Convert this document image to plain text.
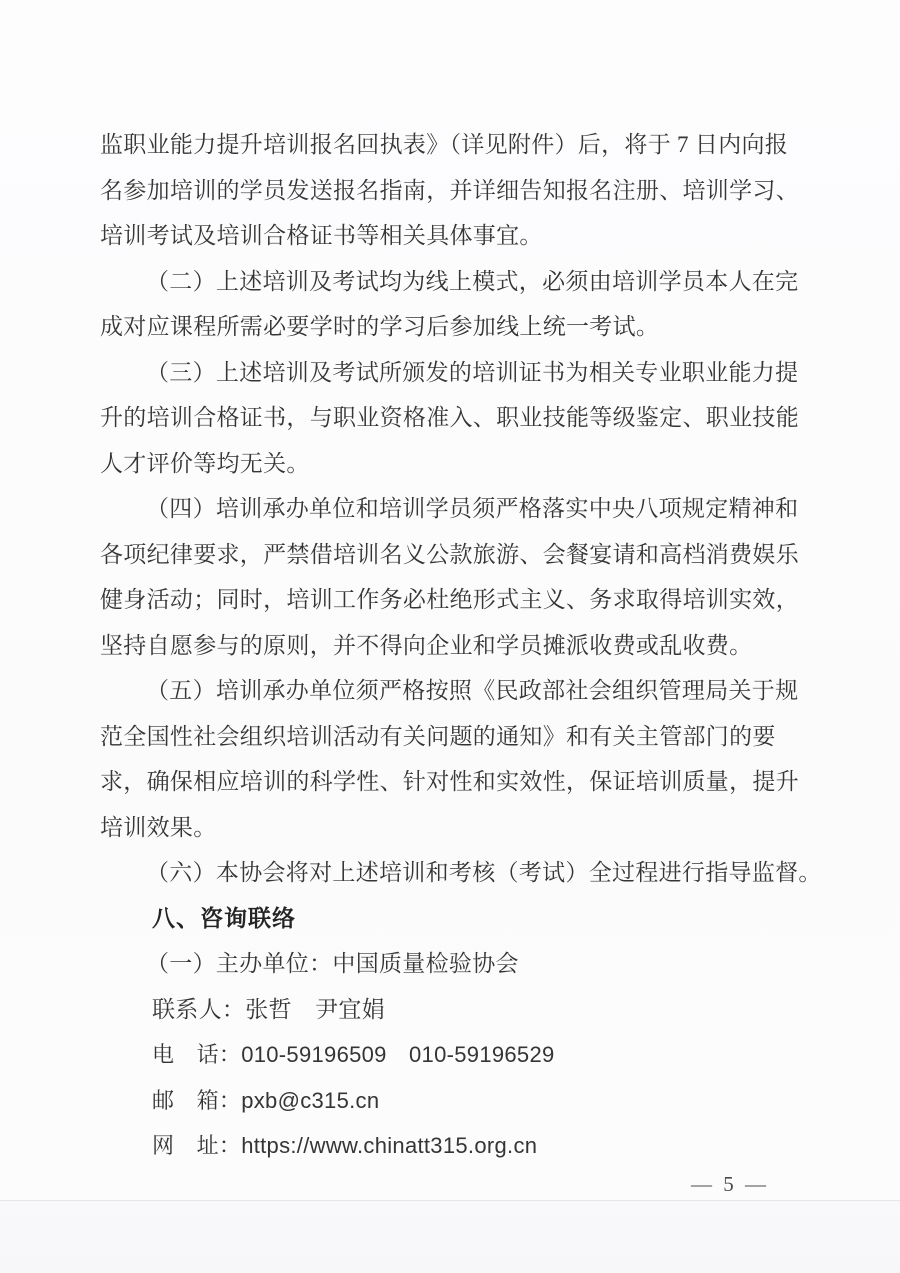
监职业能力提升培训报名回执表》（详见附件）后，将于 7 日内向报

名参加培训的学员发送报名指南，并详细告知报名注册、培训学习、

培训考试及培训合格证书等相关具体事宜。

（二）上述培训及考试均为线上模式，必须由培训学员本人在完

成对应课程所需必要学时的学习后参加线上统一考试。

（三）上述培训及考试所颁发的培训证书为相关专业职业能力提

升的培训合格证书，与职业资格准入、职业技能等级鉴定、职业技能

人才评价等均无关。

（四）培训承办单位和培训学员须严格落实中央八项规定精神和

各项纪律要求，严禁借培训名义公款旅游、会餐宴请和高档消费娱乐

健身活动；同时，培训工作务必杜绝形式主义、务求取得培训实效，

坚持自愿参与的原则，并不得向企业和学员摊派收费或乱收费。

（五）培训承办单位须严格按照《民政部社会组织管理局关于规

范全国性社会组织培训活动有关问题的通知》和有关主管部门的要

求，确保相应培训的科学性、针对性和实效性，保证培训质量，提升

培训效果。

（六）本协会将对上述培训和考核（考试）全过程进行指导监督。

八、咨询联络

（一）主办单位：中国质量检验协会

联系人：张哲　尹宜娟

电　话：010-59196509　010-59196529

邮　箱：pxb@c315.cn

网　址：https://www.chinatt315.org.cn

— 5 —
